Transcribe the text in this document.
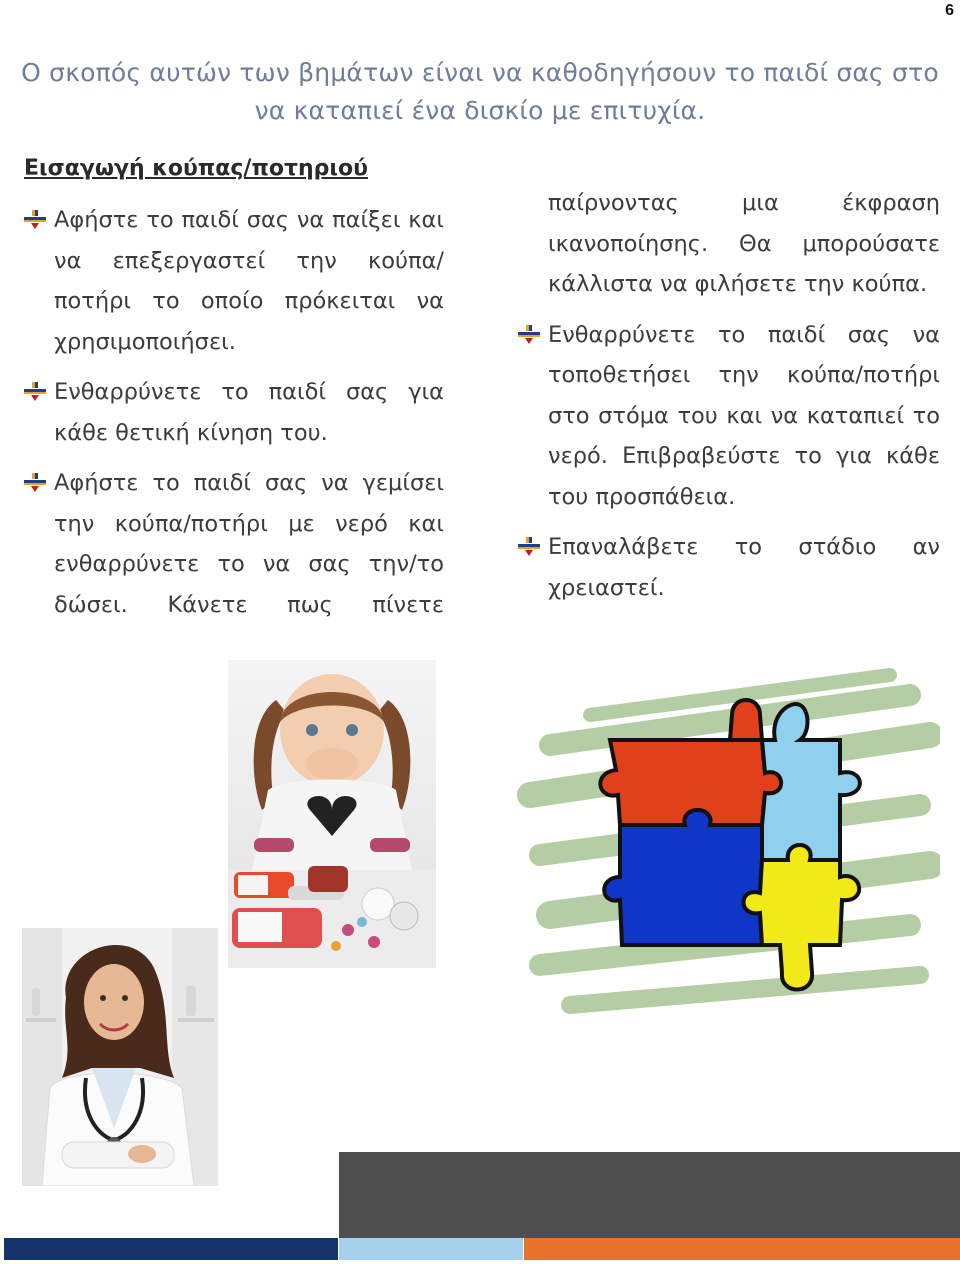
6
Ο σκοπός αυτών των βημάτων είναι να καθοδηγήσουν το παιδί σας στο
να καταπιεί ένα δισκίο με επιτυχία.
Εισαγωγή κούπας/ποτηριού
Αφήστε το παιδί σας να παίξει και να επεξεργαστεί την κούπα/ ποτήρι το οποίο πρόκειται να χρησιμοποιήσει.
Ενθαρρύνετε το παιδί σας για κάθε θετική κίνηση του.
Αφήστε το παιδί σας να γεμίσει την κούπα/ποτήρι με νερό και ενθαρρύνετε το να σας την/το δώσει. Κάνετε πως πίνετε
παίρνοντας μια έκφραση ικανοποίησης. Θα μπορούσατε κάλλιστα να φιλήσετε την κούπα.
Ενθαρρύνετε το παιδί σας να τοποθετήσει την κούπα/ποτήρι στο στόμα του και να καταπιεί το νερό. Επιβραβεύστε το για κάθε του προσπάθεια.
Επαναλάβετε το στάδιο αν χρειαστεί.
